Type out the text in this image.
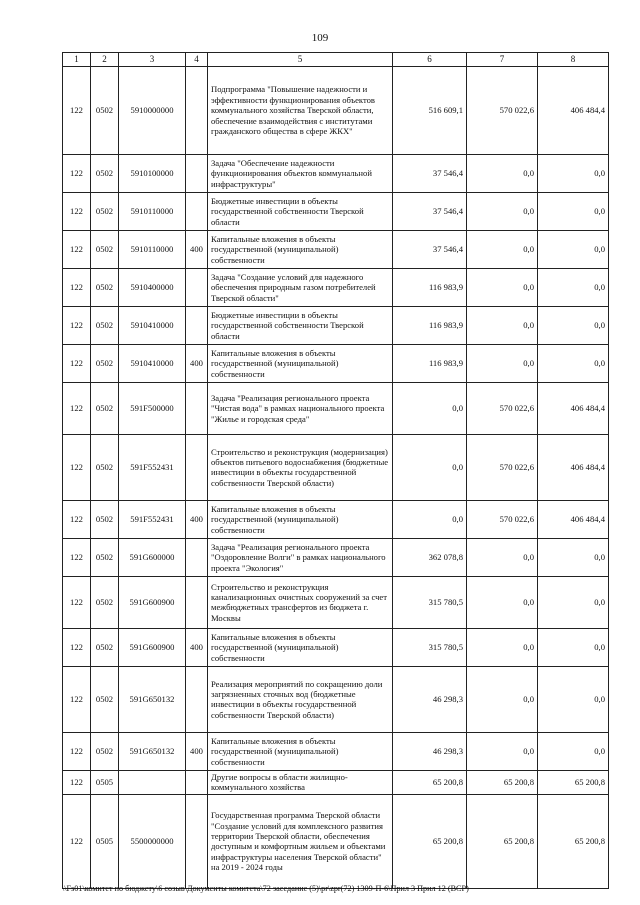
109
1	2	3	4	5	6	7	8
122	0502	5910000000		Подпрограмма "Повышение надежности и эффективности функционирования объектов коммунального хозяйства Тверской области, обеспечение взаимодействия с институтами гражданского общества в сфере ЖКХ"	516 609,1	570 022,6	406 484,4
122	0502	5910100000		Задача "Обеспечение надежности функционирования объектов коммунальной инфраструктуры"	37 546,4	0,0	0,0
122	0502	5910110000		Бюджетные инвестиции в объекты государственной собственности Тверской области	37 546,4	0,0	0,0
122	0502	5910110000	400	Капитальные вложения в объекты государственной (муниципальной) собственности	37 546,4	0,0	0,0
122	0502	5910400000		Задача "Создание условий для надежного обеспечения природным газом потребителей Тверской области"	116 983,9	0,0	0,0
122	0502	5910410000		Бюджетные инвестиции в объекты государственной собственности Тверской области	116 983,9	0,0	0,0
122	0502	5910410000	400	Капитальные вложения в объекты государственной (муниципальной) собственности	116 983,9	0,0	0,0
122	0502	591F500000		Задача "Реализация регионального проекта "Чистая вода" в рамках национального проекта "Жилье и городская среда"	0,0	570 022,6	406 484,4
122	0502	591F552431		Строительство и реконструкция (модернизация) объектов питьевого водоснабжения (бюджетные инвестиции в объекты государственной собственности Тверской области)	0,0	570 022,6	406 484,4
122	0502	591F552431	400	Капитальные вложения в объекты государственной (муниципальной) собственности	0,0	570 022,6	406 484,4
122	0502	591G600000		Задача "Реализация регионального проекта "Оздоровление Волги" в рамках национального проекта "Экология"	362 078,8	0,0	0,0
122	0502	591G600900		Строительство и реконструкция канализационных очистных сооружений за счет межбюджетных трансфертов из бюджета г. Москвы	315 780,5	0,0	0,0
122	0502	591G600900	400	Капитальные вложения в объекты государственной (муниципальной) собственности	315 780,5	0,0	0,0
122	0502	591G650132		Реализация мероприятий по сокращению доли загрязненных сточных вод (бюджетные инвестиции в объекты государственной собственности Тверской области)	46 298,3	0,0	0,0
122	0502	591G650132	400	Капитальные вложения в объекты государственной (муниципальной) собственности	46 298,3	0,0	0,0
122	0505			Другие вопросы в области жилищно-коммунального хозяйства	65 200,8	65 200,8	65 200,8
122	0505	5500000000		Государственная программа Тверской области "Создание условий для комплексного развития территории Тверской области, обеспечения доступным и комфортным жильем и объектами инфраструктуры населения Тверской области" на 2019 - 2024 годы	65 200,8	65 200,8	65 200,8
\\Fs01\комитет по бюджету\6 созыв\Документы комитета\72 заседание (5)\pr\zpr(72) 1309-П-6\Прил 3 Прил 12 (ВСР)
